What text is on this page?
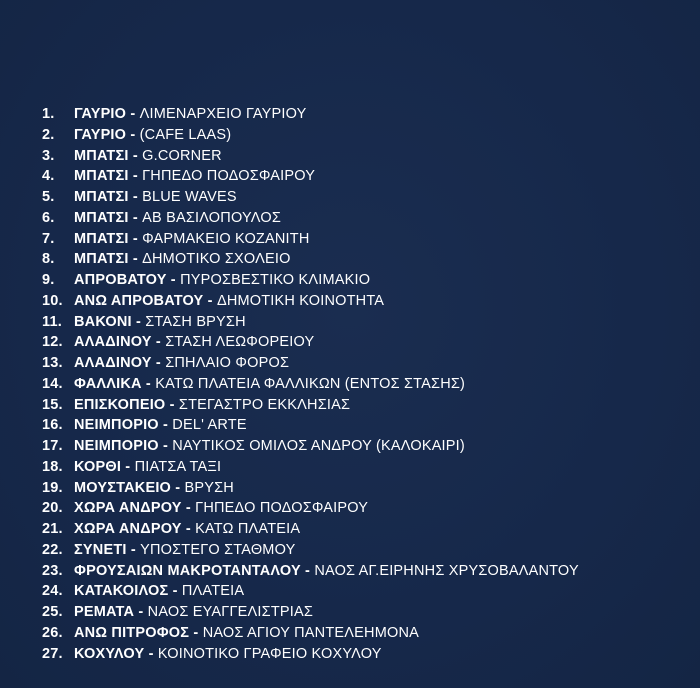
1. ΓΑΥΡΙΟ - ΛΙΜΕΝΑΡΧΕΙΟ ΓΑΥΡΙΟΥ
2. ΓΑΥΡΙΟ - (CAFE LAAS)
3. ΜΠΑΤΣΙ - G.CORNER
4. ΜΠΑΤΣΙ - ΓΗΠΕΔΟ ΠΟΔΟΣΦΑΙΡΟΥ
5. ΜΠΑΤΣΙ - BLUE WAVES
6. ΜΠΑΤΣΙ - ΑΒ ΒΑΣΙΛΟΠΟΥΛΟΣ
7. ΜΠΑΤΣΙ - ΦΑΡΜΑΚΕΙΟ ΚΟΖΑΝΙΤΗ
8. ΜΠΑΤΣΙ - ΔΗΜΟΤΙΚΟ ΣΧΟΛΕΙΟ
9. ΑΠΡΟΒΑΤΟΥ - ΠΥΡΟΣΒΕΣΤΙΚΟ ΚΛΙΜΑΚΙΟ
10. ΑΝΩ ΑΠΡΟΒΑΤΟΥ - ΔΗΜΟΤΙΚΗ ΚΟΙΝΟΤΗΤΑ
11. ΒΑΚΟΝΙ - ΣΤΑΣΗ ΒΡΥΣΗ
12. ΑΛΑΔΙΝΟΥ - ΣΤΑΣΗ ΛΕΩΦΟΡΕΙΟΥ
13. ΑΛΑΔΙΝΟΥ - ΣΠΗΛΑΙΟ ΦΟΡΟΣ
14. ΦΑΛΛΙΚΑ - ΚΑΤΩ ΠΛΑΤΕΙΑ ΦΑΛΛΙΚΩΝ (ΕΝΤΟΣ ΣΤΑΣΗΣ)
15. ΕΠΙΣΚΟΠΕΙΟ - ΣΤΕΓΑΣΤΡΟ ΕΚΚΛΗΣΙΑΣ
16. ΝΕΙΜΠΟΡΙΟ - DEL' ARTE
17. ΝΕΙΜΠΟΡΙΟ - ΝΑΥΤΙΚΟΣ ΟΜΙΛΟΣ ΑΝΔΡΟΥ (ΚΑΛΟΚΑΙΡΙ)
18. ΚΟΡΘΙ - ΠΙΑΤΣΑ ΤΑΞΙ
19. ΜΟΥΣΤΑΚΕΙΟ - ΒΡΥΣΗ
20. ΧΩΡΑ ΑΝΔΡΟΥ - ΓΗΠΕΔΟ ΠΟΔΟΣΦΑΙΡΟΥ
21. ΧΩΡΑ ΑΝΔΡΟΥ - ΚΑΤΩ ΠΛΑΤΕΙΑ
22. ΣΥΝΕΤΙ - ΥΠΟΣΤΕΓΟ ΣΤΑΘΜΟΥ
23. ΦΡΟΥΣΑΙΩΝ ΜΑΚΡΟΤΑΝΤΑΛΟΥ - ΝΑΟΣ ΑΓ.ΕΙΡΗΝΗΣ ΧΡΥΣΟΒΑΛΑΝΤΟΥ
24. ΚΑΤΑΚΟΙΛΟΣ - ΠΛΑΤΕΙΑ
25. ΡΕΜΑΤΑ - ΝΑΟΣ ΕΥΑΓΓΕΛΙΣΤΡΙΑΣ
26. ΑΝΩ ΠΙΤΡΟΦΟΣ - ΝΑΟΣ ΑΓΙΟΥ ΠΑΝΤΕΛΕΗΜΟΝΑ
27. ΚΟΧΥΛΟΥ - ΚΟΙΝΟΤΙΚΟ ΓΡΑΦΕΙΟ ΚΟΧΥΛΟΥ
